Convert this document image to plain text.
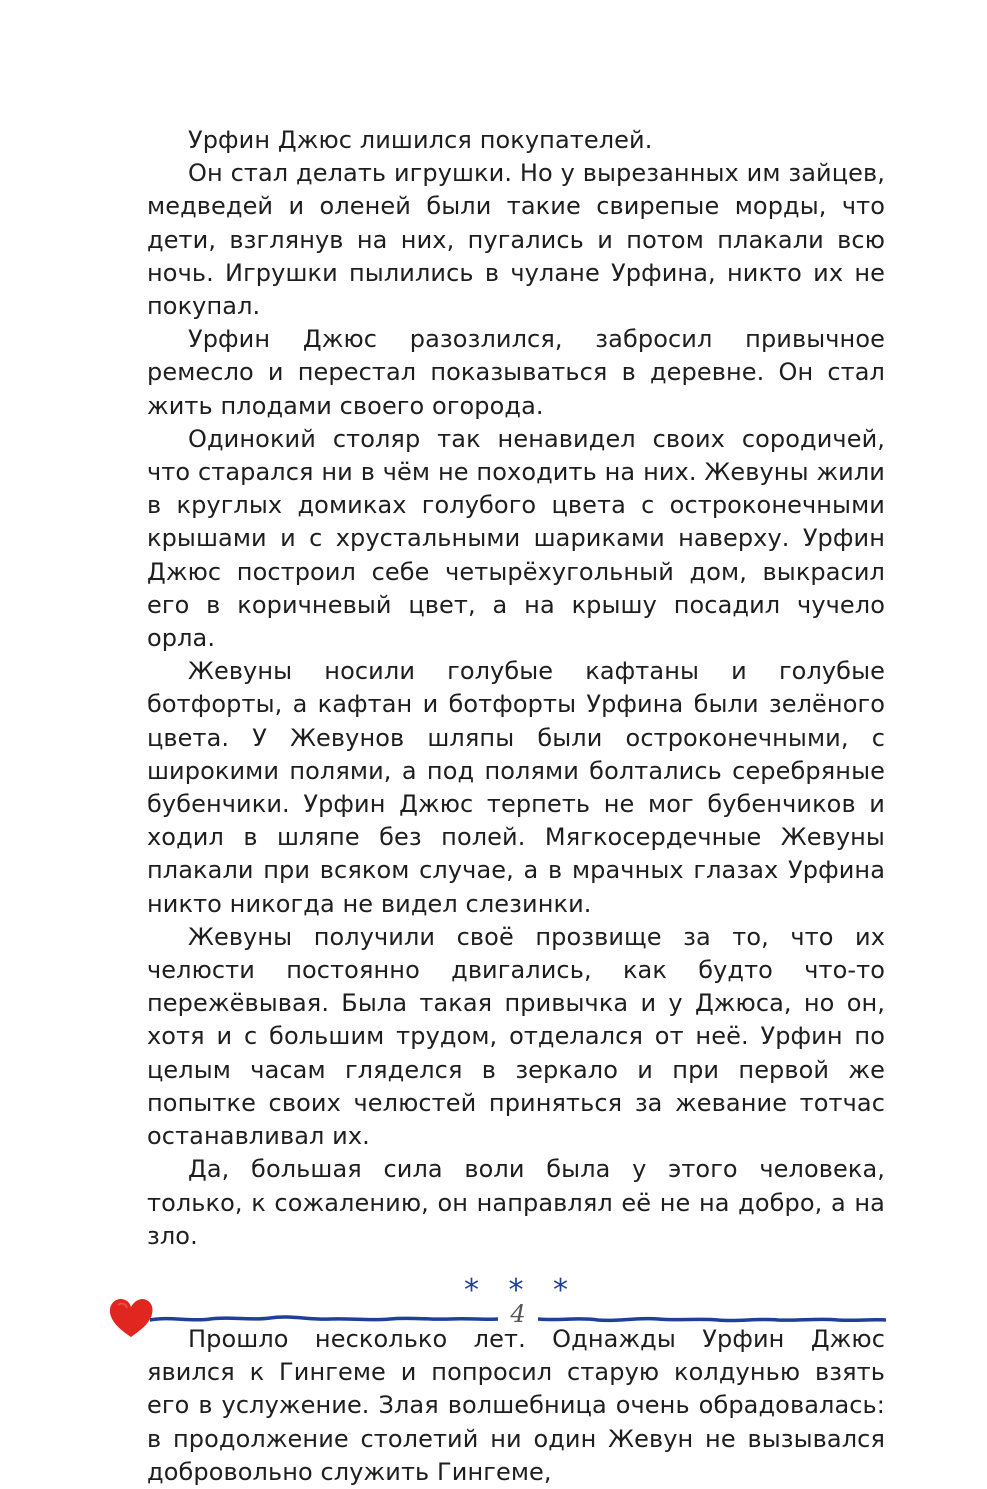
Урфин Джюс лишился покупателей.

Он стал делать игрушки. Но у вырезанных им зайцев, медведей и оленей были такие свирепые морды, что дети, взглянув на них, пугались и потом плакали всю ночь. Игрушки пылились в чулане Урфина, никто их не покупал.

Урфин Джюс разозлился, забросил привычное ремесло и перестал показываться в деревне. Он стал жить плодами своего огорода.

Одинокий столяр так ненавидел своих сородичей, что старался ни в чём не походить на них. Жевуны жили в круглых домиках голубого цвета с остроконечными крышами и с хрустальными шариками наверху. Урфин Джюс построил себе четырёхугольный дом, выкрасил его в коричневый цвет, а на крышу посадил чучело орла.

Жевуны носили голубые кафтаны и голубые ботфорты, а кафтан и ботфорты Урфина были зелёного цвета. У Жевунов шляпы были остроконечными, с широкими полями, а под полями болтались серебряные бубенчики. Урфин Джюс терпеть не мог бубенчиков и ходил в шляпе без полей. Мягкосердечные Жевуны плакали при всяком случае, а в мрачных глазах Урфина никто никогда не видел слезинки.

Жевуны получили своё прозвище за то, что их челюсти постоянно двигались, как будто что-то пережёвывая. Была такая привычка и у Джюса, но он, хотя и с большим трудом, отделался от неё. Урфин по целым часам гляделся в зеркало и при первой же попытке своих челюстей приняться за жевание тотчас останавливал их.

Да, большая сила воли была у этого человека, только, к сожалению, он направлял её не на добро, а на зло.

* * *

Прошло несколько лет. Однажды Урфин Джюс явился к Гингеме и попросил старую колдунью взять его в услужение. Злая волшебница очень обрадовалась: в продолжение столетий ни один Жевун не вызывался добровольно служить Гингеме,

4
